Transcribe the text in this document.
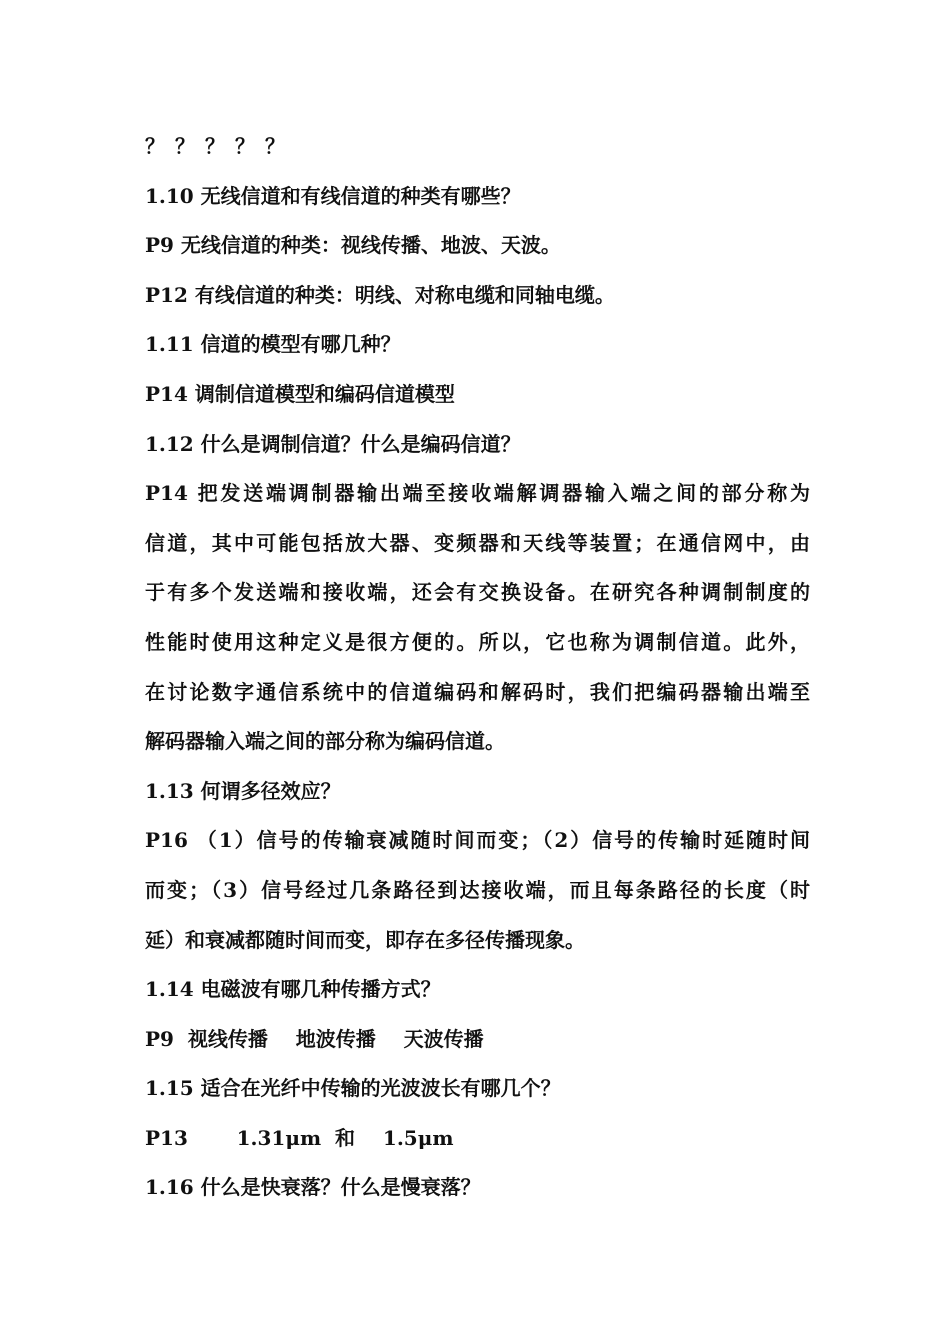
？？？？？
1.10 无线信道和有线信道的种类有哪些？
P9 无线信道的种类：视线传播、地波、天波。
P12 有线信道的种类：明线、对称电缆和同轴电缆。
1.11 信道的模型有哪几种？
P14 调制信道模型和编码信道模型
1.12 什么是调制信道？什么是编码信道？
P14 把发送端调制器输出端至接收端解调器输入端之间的部分称为
信道，其中可能包括放大器、变频器和天线等装置；在通信网中，由
于有多个发送端和接收端，还会有交换设备。在研究各种调制制度的
性能时使用这种定义是很方便的。所以，它也称为调制信道。此外，
在讨论数字通信系统中的信道编码和解码时，我们把编码器输出端至
解码器输入端之间的部分称为编码信道。
1.13 何谓多径效应？
P16 （1）信号的传输衰减随时间而变；（2）信号的传输时延随时间
而变；（3）信号经过几条路径到达接收端，而且每条路径的长度（时
延）和衰减都随时间而变，即存在多径传播现象。
1.14 电磁波有哪几种传播方式？
P9  视线传播    地波传播    天波传播
1.15 适合在光纤中传输的光波波长有哪几个？
P13       1.31μm  和    1.5μm
1.16 什么是快衰落？什么是慢衰落？
